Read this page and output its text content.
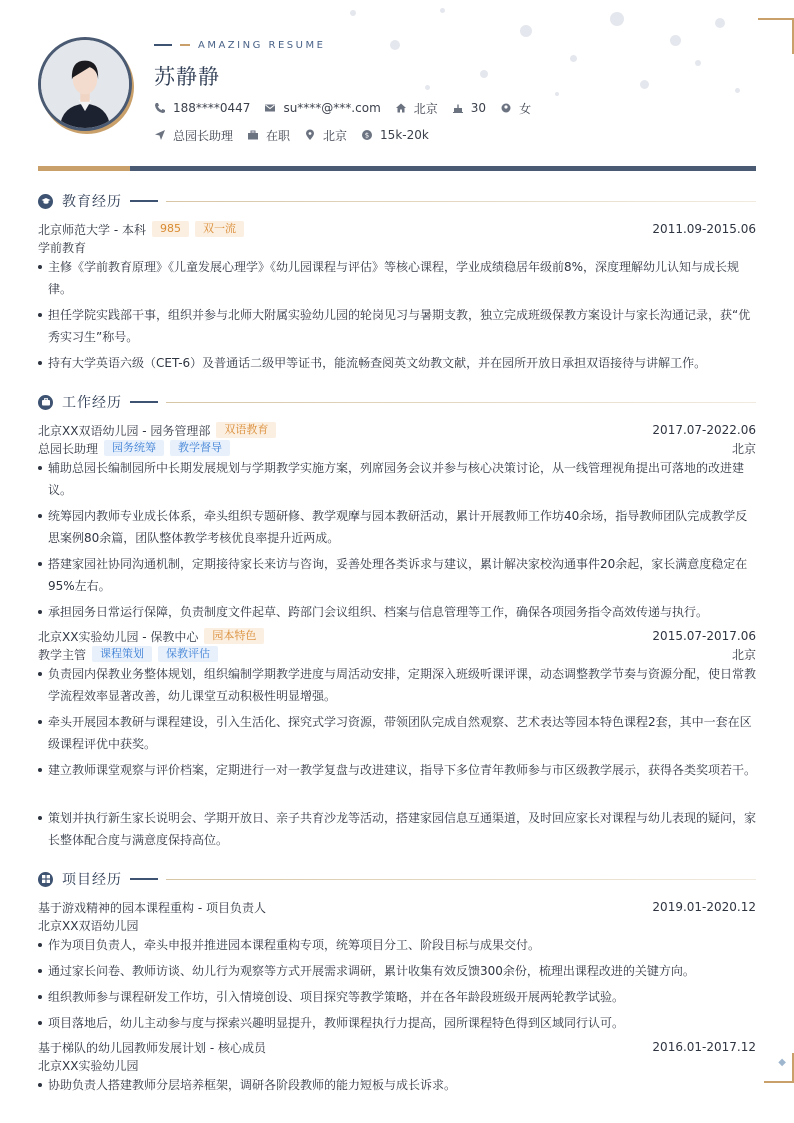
◆
AMAZING RESUME
苏静静
188****0447	su****@***.com	北京	30	女
总园长助理	在职	北京	$ 15k-20k
教育经历
北京师范大学 - 本科	985	双一流	2011.09-2015.06
学前教育
主修《学前教育原理》《儿童发展心理学》《幼儿园课程与评估》等核心课程，学业成绩稳居年级前8%，深度理解幼儿认知与成长规律。
担任学院实践部干事，组织并参与北师大附属实验幼儿园的轮岗见习与暑期支教，独立完成班级保教方案设计与家长沟通记录，获“优秀实习生”称号。
持有大学英语六级（CET-6）及普通话二级甲等证书，能流畅查阅英文幼教文献，并在园所开放日承担双语接待与讲解工作。
工作经历
北京XX双语幼儿园 - 园务管理部	双语教育	2017.07-2022.06
总园长助理	园务统筹	教学督导	北京
辅助总园长编制园所中长期发展规划与学期教学实施方案，列席园务会议并参与核心决策讨论，从一线管理视角提出可落地的改进建议。
统筹园内教师专业成长体系，牵头组织专题研修、教学观摩与园本教研活动，累计开展教师工作坊40余场，指导教师团队完成教学反思案例80余篇，团队整体教学考核优良率提升近两成。
搭建家园社协同沟通机制，定期接待家长来访与咨询，妥善处理各类诉求与建议，累计解决家校沟通事件20余起，家长满意度稳定在95%左右。
承担园务日常运行保障，负责制度文件起草、跨部门会议组织、档案与信息管理等工作，确保各项园务指令高效传递与执行。
北京XX实验幼儿园 - 保教中心	园本特色	2015.07-2017.06
教学主管	课程策划	保教评估	北京
负责园内保教业务整体规划，组织编制学期教学进度与周活动安排，定期深入班级听课评课，动态调整教学节奏与资源分配，使日常教学流程效率显著改善，幼儿课堂互动积极性明显增强。
牵头开展园本教研与课程建设，引入生活化、探究式学习资源，带领团队完成自然观察、艺术表达等园本特色课程2套，其中一套在区级课程评优中获奖。
建立教师课堂观察与评价档案，定期进行一对一教学复盘与改进建议，指导下多位青年教师参与市区级教学展示，获得各类奖项若干。
策划并执行新生家长说明会、学期开放日、亲子共育沙龙等活动，搭建家园信息互通渠道，及时回应家长对课程与幼儿表现的疑问，家长整体配合度与满意度保持高位。
项目经历
基于游戏精神的园本课程重构 - 项目负责人	2019.01-2020.12
北京XX双语幼儿园
作为项目负责人，牵头申报并推进园本课程重构专项，统筹项目分工、阶段目标与成果交付。
通过家长问卷、教师访谈、幼儿行为观察等方式开展需求调研，累计收集有效反馈300余份，梳理出课程改进的关键方向。
组织教师参与课程研发工作坊，引入情境创设、项目探究等教学策略，并在各年龄段班级开展两轮教学试验。
项目落地后，幼儿主动参与度与探索兴趣明显提升，教师课程执行力提高，园所课程特色得到区域同行认可。
基于梯队的幼儿园教师发展计划 - 核心成员	2016.01-2017.12
北京XX实验幼儿园
协助负责人搭建教师分层培养框架，调研各阶段教师的能力短板与成长诉求。
